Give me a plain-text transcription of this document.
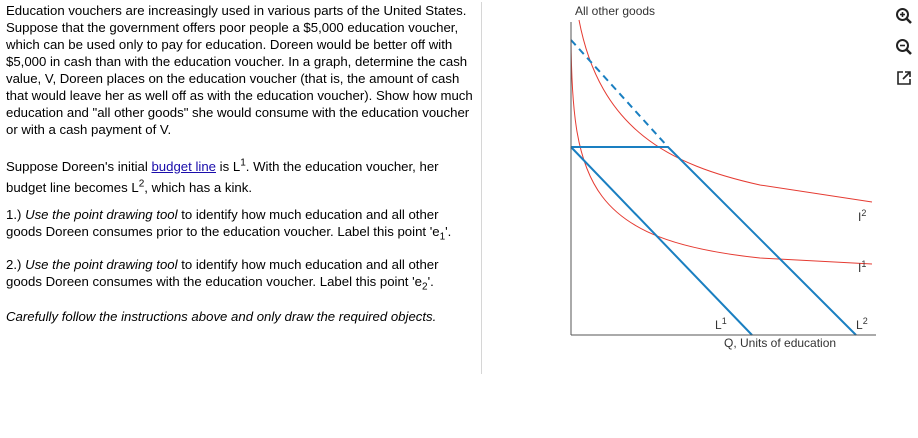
Education vouchers are increasingly used in various parts of the United States. Suppose that the government offers poor people a $5,000 education voucher, which can be used only to pay for education. Doreen would be better off with $5,000 in cash than with the education voucher. In a graph, determine the cash value, V, Doreen places on the education voucher (that is, the amount of cash that would leave her as well off as with the education voucher). Show how much education and "all other goods" she would consume with the education voucher or with a cash payment of V.

Suppose Doreen's initial budget line is $L^1$. With the education voucher, her budget line becomes $L^2$, which has a kink.

1.) Use the point drawing tool to identify how much education and all other goods Doreen consumes prior to the education voucher. Label this point '$e_1$'.

2.) Use the point drawing tool to identify how much education and all other goods Doreen consumes with the education voucher. Label this point '$e_2$'.

Carefully follow the instructions above and only draw the required objects.

All other goods
$I^2$
$I^1$
$L^1$	$L^2$
Q, Units of education
